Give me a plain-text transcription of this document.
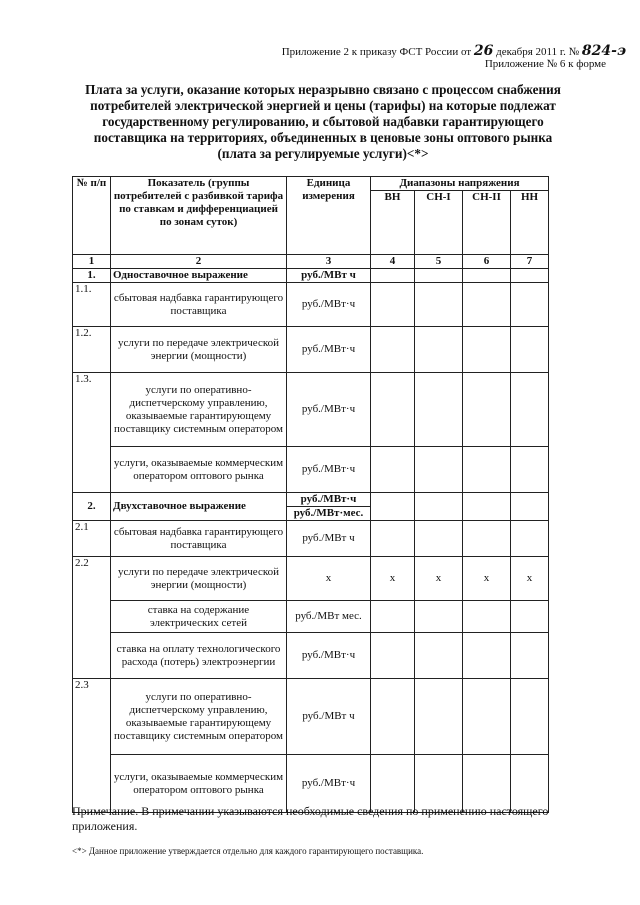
Приложение 2 к приказу ФСТ России от 26 декабря 2011 г. № 824-э
Приложение № 6 к форме
Плата за услуги, оказание которых неразрывно связано с процессом снабжения
потребителей электрической энергией и цены (тарифы) на которые подлежат
государственному регулированию, и сбытовой надбавки гарантирующего
поставщика на территориях, объединенных в ценовые зоны оптового рынка
(плата за регулируемые услуги)<*>
№ п/п	Показатель (группы потребителей с разбивкой тарифа по ставкам и дифференциацией по зонам суток)	Единица измерения	Диапазоны напряжения			
			ВН	СН-I	СН-II	НН
1	2	3	4	5	6	7
1.	Одноставочное выражение	руб./МВт ч				
1.1.	сбытовая надбавка гарантирующего поставщика	руб./МВт·ч				
1.2.	услуги по передаче электрической энергии (мощности)	руб./МВт·ч				
1.3.	услуги по оперативно-диспетчерскому управлению, оказываемые гарантирующему поставщику системным оператором	руб./МВт·ч				
	услуги, оказываемые коммерческим оператором оптового рынка	руб./МВт·ч				
2.	Двухставочное выражение	руб./МВт·ч				
		руб./МВт·мес.				
2.1	сбытовая надбавка гарантирующего поставщика	руб./МВт ч				
2.2	услуги по передаче электрической энергии (мощности)	x	x	x	x	x
	ставка на содержание электрических сетей	руб./МВт мес.				
	ставка на оплату технологического расхода (потерь) электроэнергии	руб./МВт·ч				
2.3	услуги по оперативно-диспетчерскому управлению, оказываемые гарантирующему поставщику системным оператором	руб./МВт ч				
	услуги, оказываемые коммерческим оператором оптового рынка	руб./МВт·ч				
Примечание. В примечании указываются необходимые сведения по применению настоящего приложения.
<*> Данное приложение утверждается отдельно для каждого гарантирующего поставщика.
